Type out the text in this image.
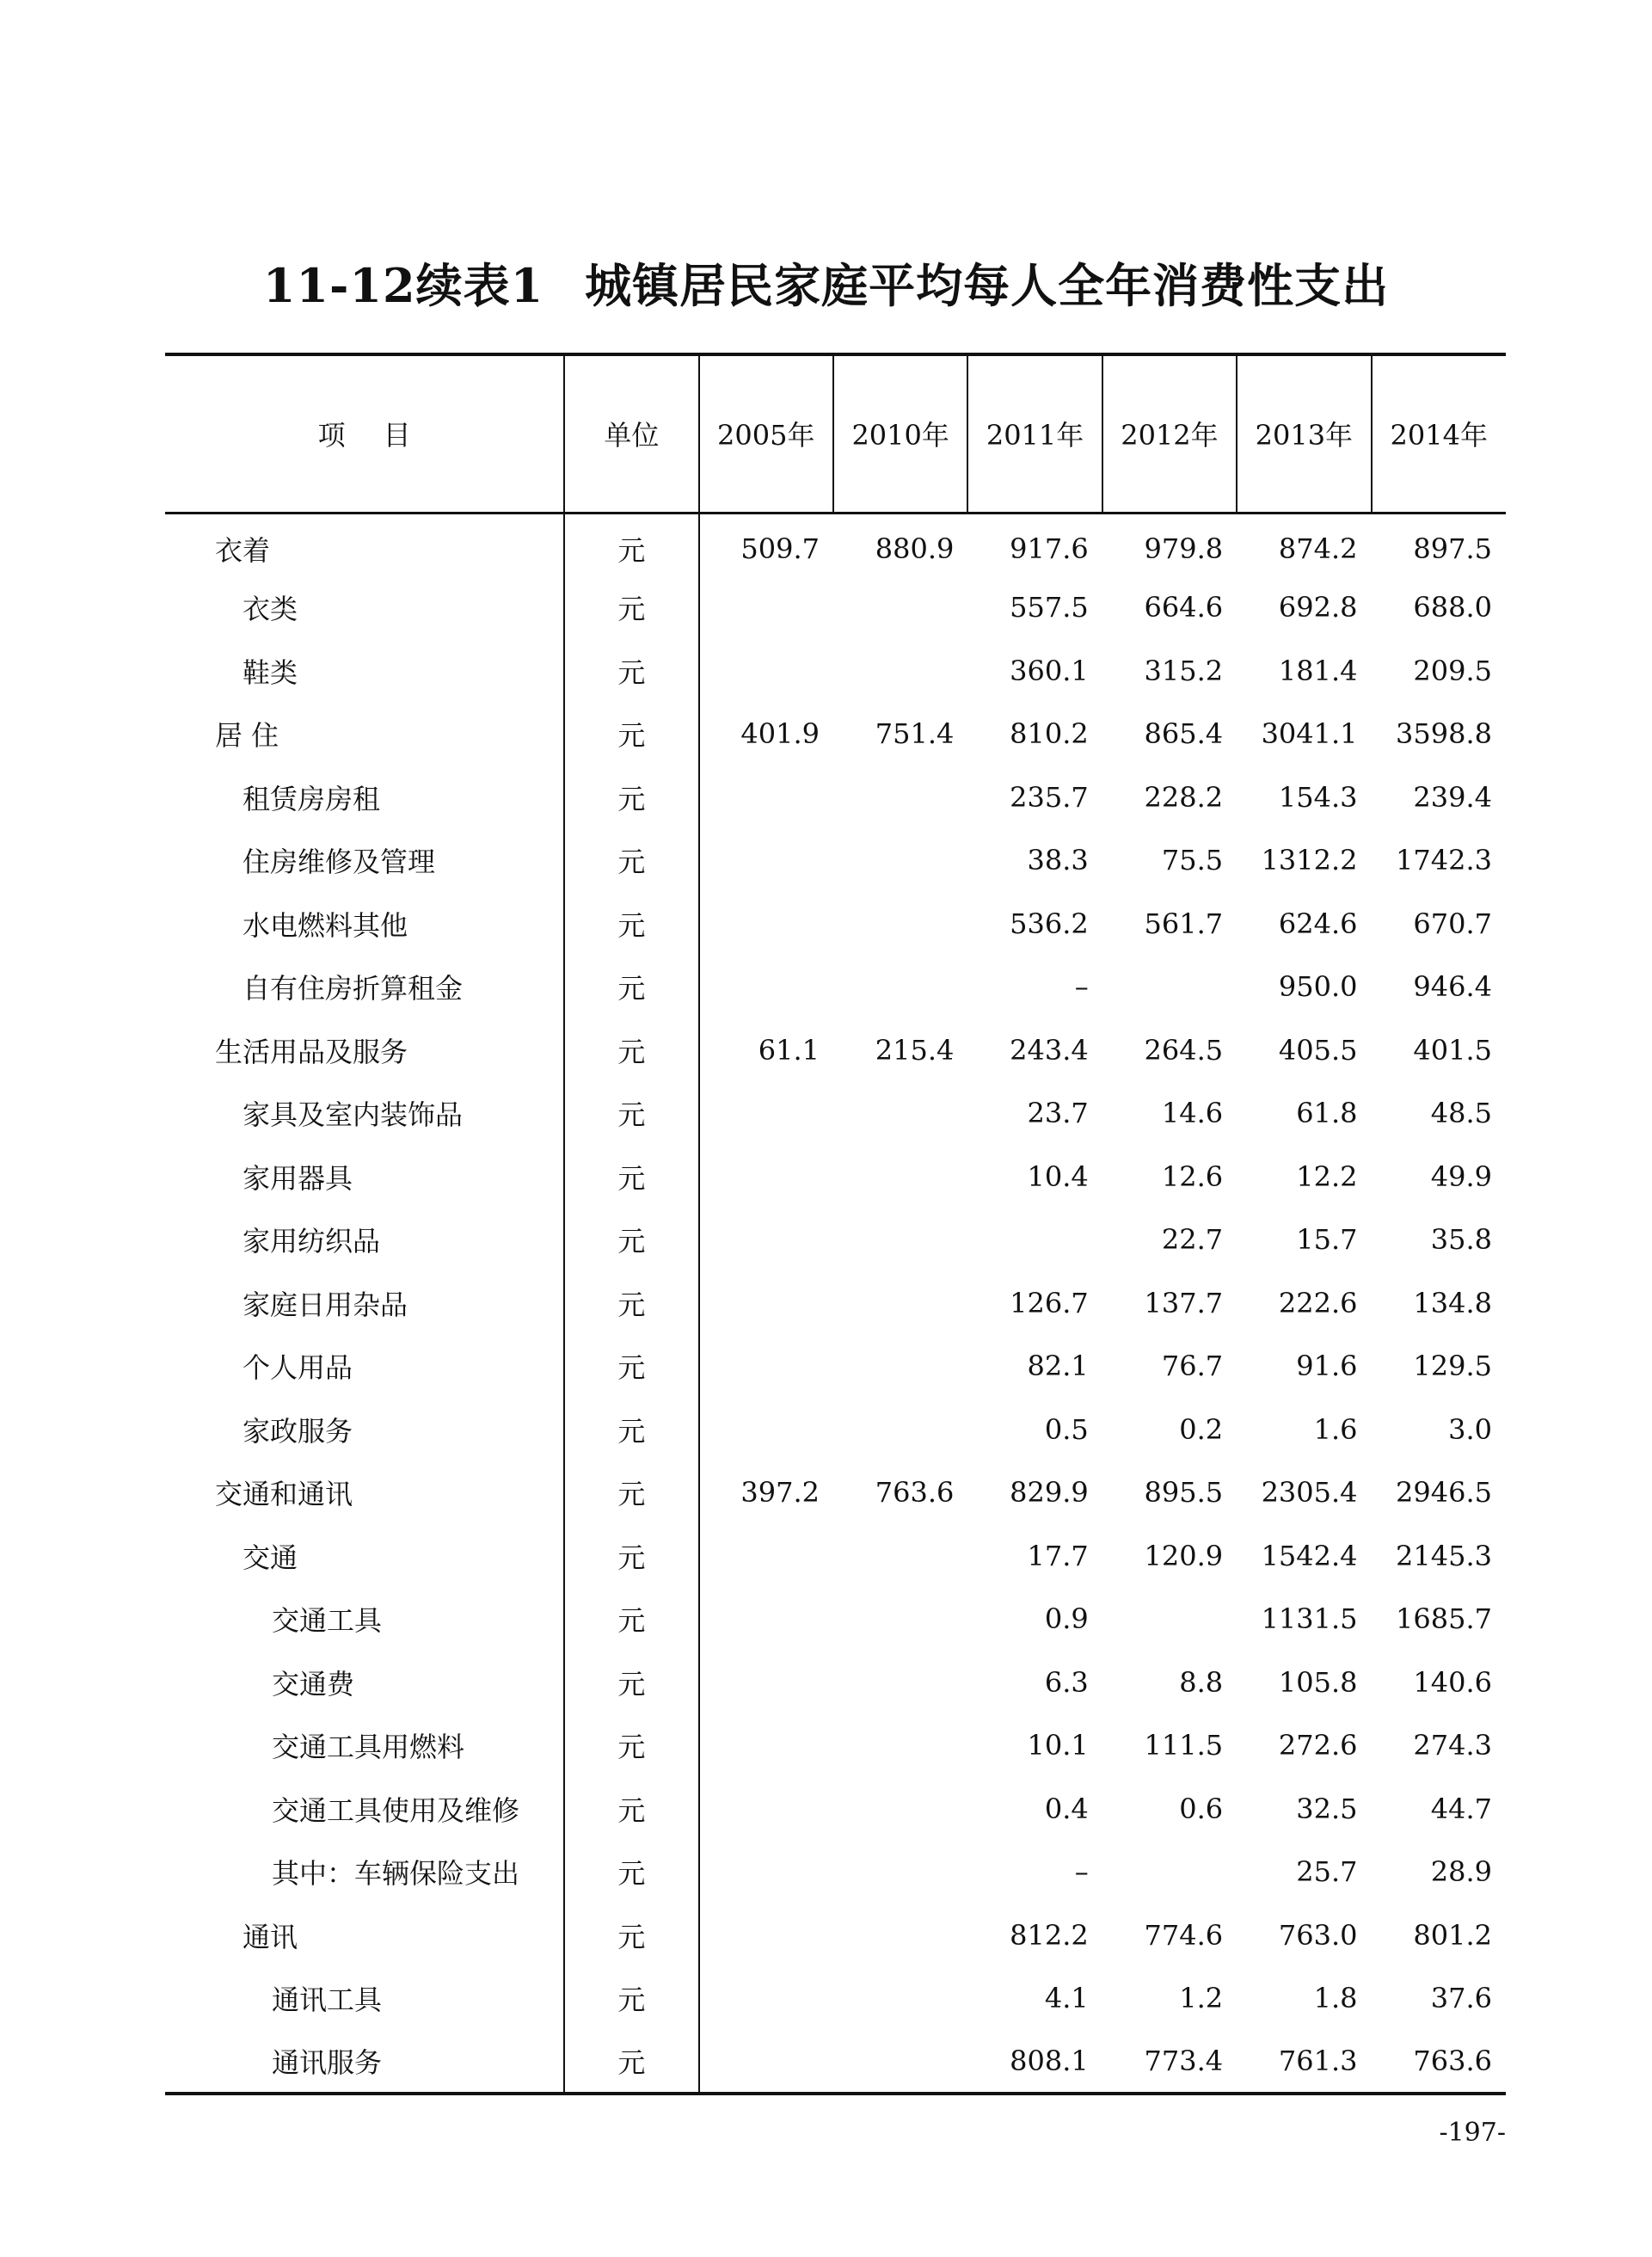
11-12续表1 城镇居民家庭平均每人全年消费性支出
项 目	单位	2005年	2010年	2011年	2012年	2013年	2014年
衣着	元	509.7	880.9	917.6	979.8	874.2	897.5
衣类	元			557.5	664.6	692.8	688.0
鞋类	元			360.1	315.2	181.4	209.5
居 住	元	401.9	751.4	810.2	865.4	3041.1	3598.8
租赁房房租	元			235.7	228.2	154.3	239.4
住房维修及管理	元			38.3	75.5	1312.2	1742.3
水电燃料其他	元			536.2	561.7	624.6	670.7
自有住房折算租金	元			–		950.0	946.4
生活用品及服务	元	61.1	215.4	243.4	264.5	405.5	401.5
家具及室内装饰品	元			23.7	14.6	61.8	48.5
家用器具	元			10.4	12.6	12.2	49.9
家用纺织品	元				22.7	15.7	35.8
家庭日用杂品	元			126.7	137.7	222.6	134.8
个人用品	元			82.1	76.7	91.6	129.5
家政服务	元			0.5	0.2	1.6	3.0
交通和通讯	元	397.2	763.6	829.9	895.5	2305.4	2946.5
交通	元			17.7	120.9	1542.4	2145.3
交通工具	元			0.9		1131.5	1685.7
交通费	元			6.3	8.8	105.8	140.6
交通工具用燃料	元			10.1	111.5	272.6	274.3
交通工具使用及维修	元			0.4	0.6	32.5	44.7
其中：车辆保险支出	元			–		25.7	28.9
通讯	元			812.2	774.6	763.0	801.2
通讯工具	元			4.1	1.2	1.8	37.6
通讯服务	元			808.1	773.4	761.3	763.6
-197-
